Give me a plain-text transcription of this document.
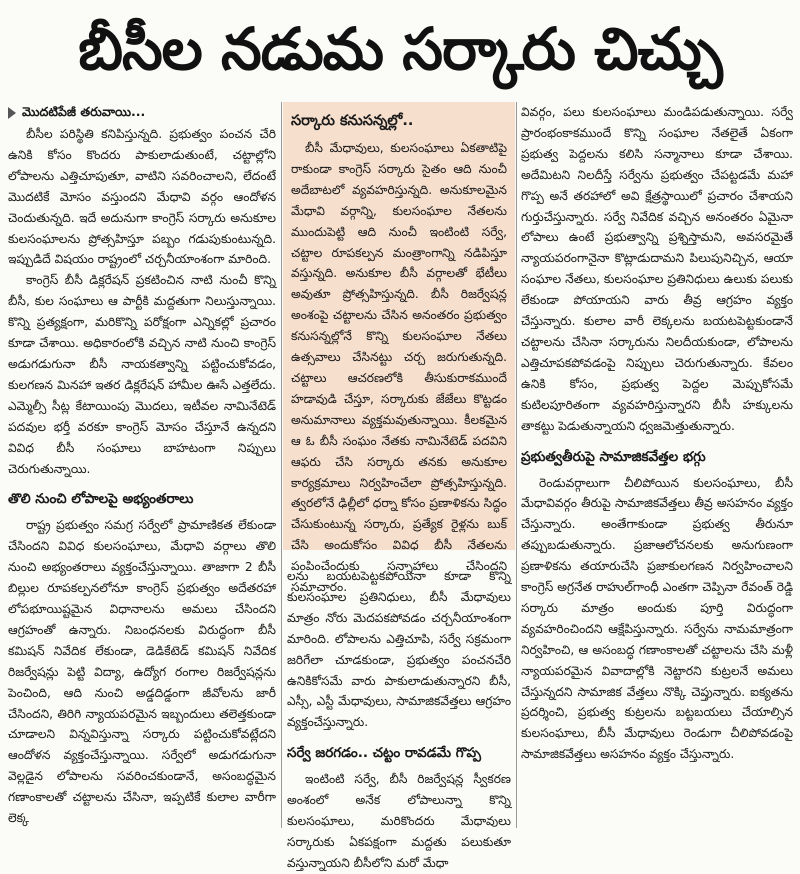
బీసీల నడుమ సర్కారు చిచ్చు
మొదటిపేజీ తరువాయి...

బీసీల పరిస్థితి కనిపిస్తున్నది. ప్రభుత్వం పంచన చేరి ఉనికి కోసం కొందరు పాకులాడుతుంటే, చట్టాల్లోని లోపాలను ఎత్తిచూపుతూ, వాటిని సవరించాలని, లేదంటే మొదటికే మోసం వస్తుందని మేధావి వర్గం ఆందోళన చెందుతున్నది. ఇదే అదునుగా కాంగ్రెస్ సర్కారు అనుకూల కులసంఘాలను ప్రోత్సహిస్తూ పబ్బం గడుపుకుంటున్నది. ఇప్పుడిదే విషయం రాష్ట్రంలో చర్చనీయాంశంగా మారింది.

కాంగ్రెస్ బీసీ డిక్లరేషన్ ప్రకటించిన నాటి నుంచీ కొన్ని బీసీ, కుల సంఘాలు ఆ పార్టీకి మద్దతుగా నిలుస్తున్నాయి. కొన్ని ప్రత్యక్షంగా, మరికొన్ని పరోక్షంగా ఎన్నికల్లో ప్రచారం కూడా చేశాయి. అధికారంలోకి వచ్చిన నాటి నుంచి కాంగ్రెస్ అడుగడుగునా బీసీ నాయకత్వాన్ని పట్టించుకోవడం, కులగణన మినహా ఇతర డిక్లరేషన్ హామీల ఊసే ఎత్తలేదు. ఎమ్మెల్సీ సీట్ల కేటాయింపు మొదలు, ఇటీవల నామినేటెడ్ పదవుల భర్తీ వరకూ కాంగ్రెస్ మోసం చేస్తూనే ఉన్నదని వివిధ బీసీ సంఘాలు బాహటంగా నిప్పులు చెరుగుతున్నాయి.

తొలి నుంచి లోపాలపై అభ్యంతరాలు

రాష్ట్ర ప్రభుత్వం సమగ్ర సర్వేలో ప్రామాణికత లేకుండా చేసిందని వివిధ కులసంఘాలు, మేధావి వర్గాలు తొలి నుంచి అభ్యంతరాలు వ్యక్తంచేస్తున్నాయి. తాజాగా 2 బీసీ బిల్లుల రూపకల్పనలోనూ కాంగ్రెస్ ప్రభుత్వం అదేతరహా లోపభూయిష్టమైన విధానాలను అమలు చేసిందని ఆగ్రహంతో ఉన్నారు. నిబంధనలకు విరుద్ధంగా బీసీ కమిషన్ నివేదిక లేకుండా, డెడికేటెడ్ కమిషన్ నివేదిక రిజర్వేషన్లు పెట్టి విద్యా, ఉద్యోగ రంగాల రిజర్వేషన్లను పెంచింది, ఆది నుంచి అడ్డదిడ్డంగా జీవోలను జారీ చేసిందని, తిరిగి న్యాయపరమైన ఇబ్బందులు తలెత్తకుండా చూడాలని విన్నవిస్తున్నా సర్కారు పట్టించుకోవట్లేదని ఆందోళన వ్యక్తంచేస్తున్నాయి. సర్వేలో అడుగడుగునా వెల్లడైన లోపాలను సవరించకుండానే, అసంబద్ధమైన గణాంకాలతో చట్టాలను చేసినా, ఇప్పటికే కులాల వారీగా లెక్క

సర్కారు కనుసన్నల్లో..

బీసీ మేధావులు, కులసంఘాలు ఏకతాటిపై రాకుండా కాంగ్రెస్ సర్కారు సైతం ఆది నుంచీ అదేబాటలో వ్యవహరిస్తున్నది. అనుకూలమైన మేధావి వర్గాన్ని, కులసంఘాల నేతలను ముందుపెట్టి ఆది నుంచీ ఇంటింటి సర్వే, చట్టాల రూపకల్పన మంత్రాంగాన్ని నడిపిస్తూ వస్తున్నది. అనుకూల బీసీ వర్గాలతో భేటీలు అవుతూ ప్రోత్సహిస్తున్నది. బీసీ రిజర్వేషన్ల అంశంపై చట్టాలను చేసిన అనంతరం ప్రభుత్వం కనుసన్నల్లోనే కొన్ని కులసంఘాల నేతలు ఉత్సవాలు చేసినట్టు చర్చ జరుగుతున్నది. చట్టాలు ఆచరణలోకి తీసుకురాకముందే హడావుడి చేస్తూ, సర్కారుకు జేజేలు కొట్టడం అనుమానాలు వ్యక్తమవుతున్నాయి. కీలకమైన ఆ ఓ బీసీ సంఘం నేతకు నామినేటెడ్ పదవిని ఆఫరు చేసి సర్కారు తనకు అనుకూల కార్యక్రమాలు నిర్వహించేలా ప్రోత్సహిస్తున్నది. త్వరలోనే ఢిల్లీలో ధర్నా కోసం ప్రణాళికను సిద్ధం చేసుకుంటున్న సర్కారు, ప్రత్యేక రైళ్లను బుక్ చేసి అందుకోసం వివిధ బీసీ నేతలను పంపించేందుకు సన్నాహాలు చేసిందని సమాచారం.

లను బయటపెట్టకపోయినా కూడా కొన్ని కులసంఘాల ప్రతినిధులు, బీసీ మేధావులు మాత్రం నోరు మెదపకపోవడం చర్చనీయాంశంగా మారింది. లోపాలను ఎత్తిచూపి, సర్వే సక్రమంగా జరిగేలా చూడకుండా, ప్రభుత్వం పంచనచేరి ఉనికికోసమే వారు పాకులాడుతున్నారని బీసీ, ఎస్సీ, ఎస్టీ మేధావులు, సామాజికవేత్తలు ఆగ్రహం వ్యక్తంచేస్తున్నారు.

సర్వే జరగడం.. చట్టం రావడమే గొప్ప

ఇంటింటి సర్వే, బీసీ రిజర్వేషన్ల స్వీకరణ అంశంలో అనేక లోపాలున్నా కొన్ని కులసంఘాలు, మరికొందరు మేధావులు సర్కారుకు ఏకపక్షంగా మద్దతు పలుకుతూ వస్తున్నాయని బీసీలోని మరో మేధా

వివర్గం, పలు కులసంఘాలు మండిపడుతున్నాయి. సర్వే ప్రారంభంకాకముందే కొన్ని సంఘాల నేతలైతే ఏకంగా ప్రభుత్వ పెద్దలను కలిసి సన్మానాలు కూడా చేశాయి. అదేమిటని నిలదీస్తే సర్వేను ప్రభుత్వం చేపట్టడమే మహా గొప్ప అనే తరహాలో అవి క్షేత్రస్థాయిలో ప్రచారం చేశాయని గుర్తుచేస్తున్నారు. సర్వే నివేదిక వచ్చిన అనంతరం ఏమైనా లోపాలు ఉంటే ప్రభుత్వాన్ని ప్రశ్నిస్తామని, అవసరమైతే న్యాయపరంగానైనా కొట్లాడుదామని పిలుపునిచ్చిన, ఆయా సంఘాల నేతలు, కులసంఘాల ప్రతినిధులు ఉలుకు పలుకు లేకుండా పోయాయని వారు తీవ్ర ఆగ్రహం వ్యక్తం చేస్తున్నారు. కులాల వారీ లెక్కలను బయటపెట్టకుండానే చట్టాలను చేసినా సర్కారును నిలదీయకుండా, లోపాలను ఎత్తిచూపకపోవడంపై నిప్పులు చెరుగుతున్నారు. కేవలం ఉనికి కోసం, ప్రభుత్వ పెద్దల మెప్పుకోసమే కుటిలపూరితంగా వ్యవహరిస్తున్నారని బీసీ హక్కులను తాకట్టు పెడుతున్నాయని ధ్వజమెత్తుతున్నారు.

ప్రభుత్వతీరుపై సామాజికవేత్తల భగ్గు

రెండువర్గాలుగా చీలిపోయిన కులసంఘాలు, బీసీ మేధావివర్గం తీరుపై సామాజికవేత్తలు తీవ్ర అసహనం వ్యక్తం చేస్తున్నారు. అంతేగాకుండా ప్రభుత్వ తీరునూ తప్పుబడుతున్నారు. ప్రజాఆలోచనలకు అనుగుణంగా ప్రణాళికను తయారుచేసి ప్రజాకులగణన నిర్వహించాలని కాంగ్రెస్ అగ్రనేత రాహుల్‌గాంధీ ఎంతగా చెప్పినా రేవంత్ రెడ్డి సర్కారు మాత్రం అందుకు పూర్తి విరుద్ధంగా వ్యవహరించిందని ఆక్షేపిస్తున్నారు. సర్వేను నామమాత్రంగా నిర్వహించి, ఆ అసంబద్ధ గణాంకాలతో చట్టాలను చేసి మళ్లీ న్యాయపరమైన వివాదాల్లోకి నెట్టారని కుట్రలనే అమలు చేస్తున్నదని సామాజిక వేత్తలు నొక్కి చెప్తున్నారు. ఐక్యతను ప్రదర్శించి, ప్రభుత్వ కుట్రలను బట్టబయలు చేయాల్సిన కులసంఘాలు, బీసీ మేధావులు రెండుగా చీలిపోవడంపై సామాజికవేత్తలు అసహనం వ్యక్తం చేస్తున్నారు.
